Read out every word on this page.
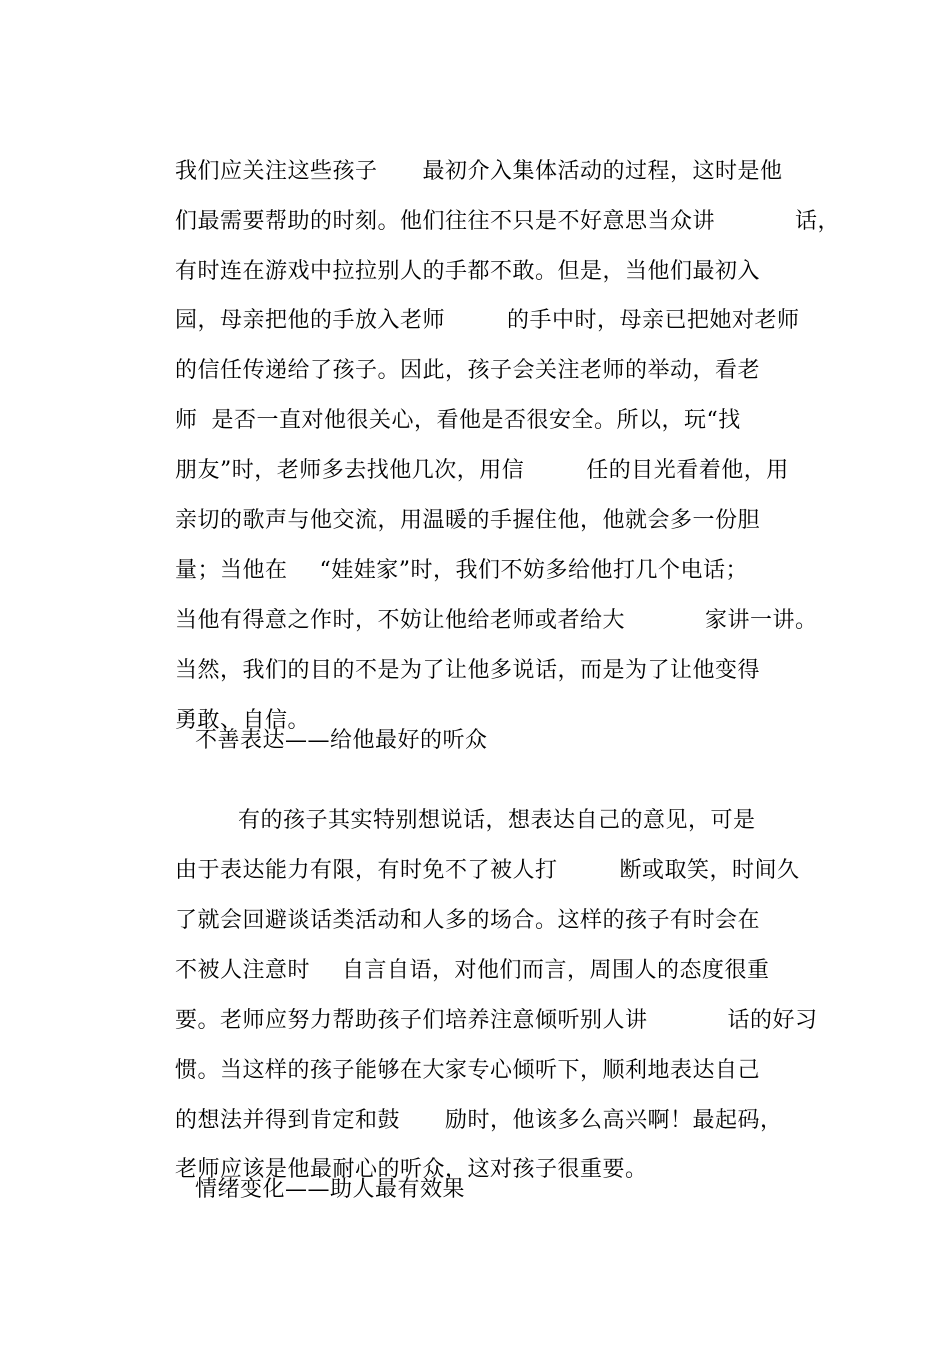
我们应关注这些孩子 最初介入集体活动的过程，这时是他

们最需要帮助的时刻。他们往往不只是不好意思当众讲	话，

有时连在游戏中拉拉别人的手都不敢。但是，当他们最初入

园，母亲把他的手放入老师	的手中时，母亲已把她对老师

的信任传递给了孩子。因此，孩子会关注老师的举动，看老

师 是否一直对他很关心，看他是否很安全。所以，玩“找

朋友”时，老师多去找他几次，用信	任的目光看着他，用

亲切的歌声与他交流，用温暖的手握住他，他就会多一份胆

量；当他在 “娃娃家”时，我们不妨多给他打几个电话；

当他有得意之作时，不妨让他给老师或者给大	家讲一讲。

当然，我们的目的不是为了让他多说话，而是为了让他变得

勇敢、自信。

不善表达——给他最好的听众

有的孩子其实特别想说话，想表达自己的意见，可是

由于表达能力有限，有时免不了被人打	断或取笑，时间久

了就会回避谈话类活动和人多的场合。这样的孩子有时会在

不被人注意时 自言自语，对他们而言，周围人的态度很重

要。老师应努力帮助孩子们培养注意倾听别人讲	话的好习

惯。当这样的孩子能够在大家专心倾听下，顺利地表达自己

的想法并得到肯定和鼓 励时，他该多么高兴啊！最起码，

老师应该是他最耐心的听众，这对孩子很重要。

情绪变化——助人最有效果
